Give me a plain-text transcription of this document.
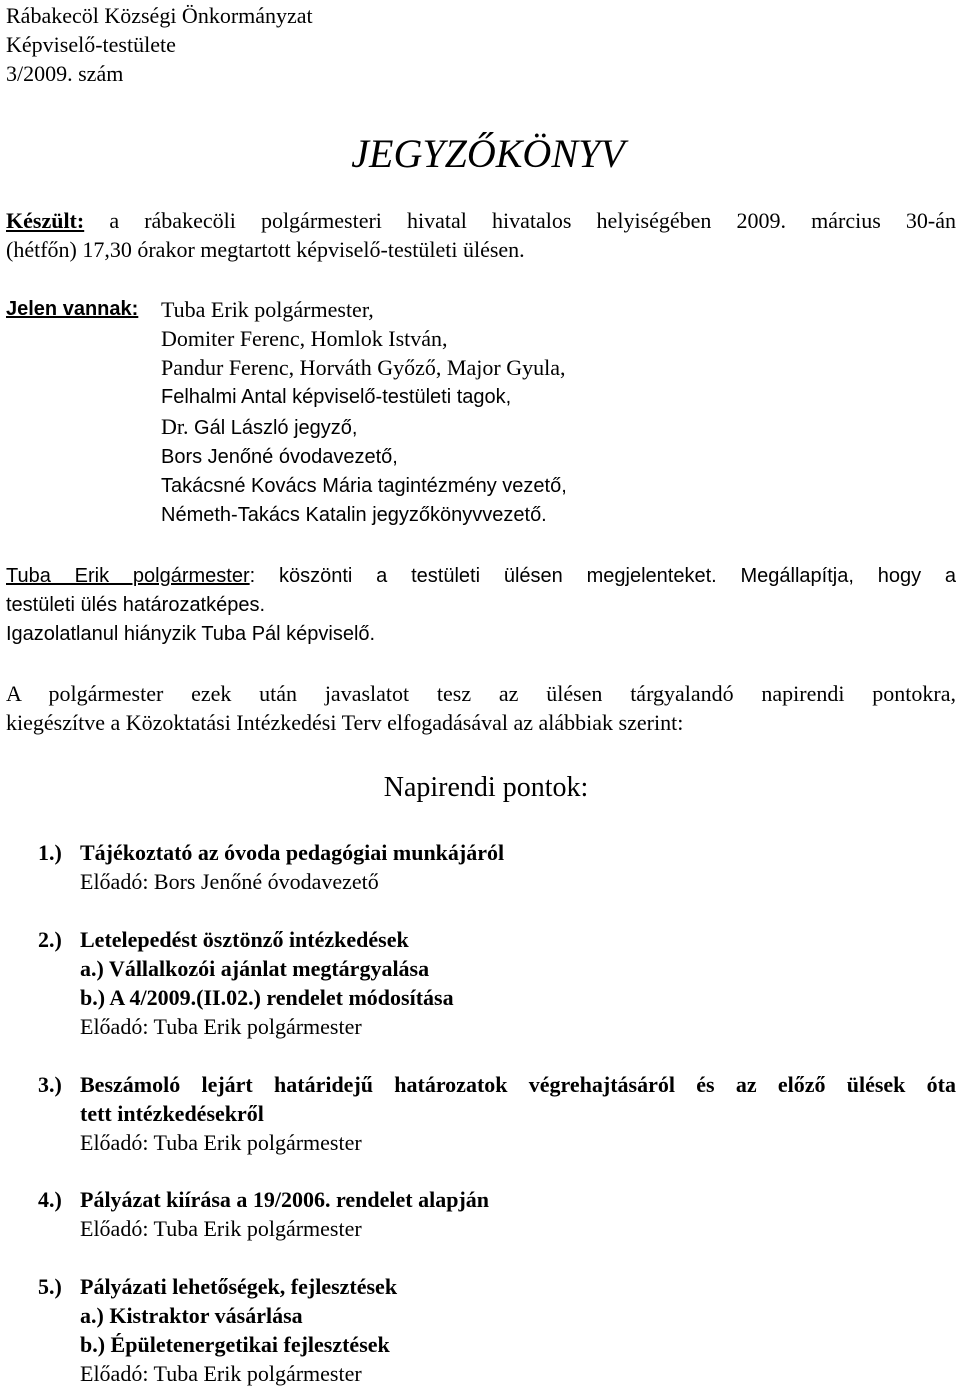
Rábakecöl Községi Önkormányzat
Képviselő-testülete
3/2009. szám
JEGYZŐKÖNYV
Készült: a rábakecöli polgármesteri hivatal hivatalos helyiségében 2009. március 30-án
(hétfőn) 17,30 órakor megtartott képviselő-testületi ülésen.
Jelen vannak:	Tuba Erik polgármester,
Domiter Ferenc, Homlok István,
Pandur Ferenc, Horváth Győző, Major Gyula,
Felhalmi Antal képviselő-testületi tagok,
Dr. Gál László jegyző,
Bors Jenőné óvodavezető,
Takácsné Kovács Mária tagintézmény vezető,
Németh-Takács Katalin jegyzőkönyvvezető.
Tuba Erik polgármester: köszönti a testületi ülésen megjelenteket. Megállapítja, hogy a
testületi ülés határozatképes.
Igazolatlanul hiányzik Tuba Pál képviselő.
A polgármester ezek után javaslatot tesz az ülésen tárgyalandó napirendi pontokra,
kiegészítve a Közoktatási Intézkedési Terv elfogadásával az alábbiak szerint:
Napirendi pontok:
1.) Tájékoztató az óvoda pedagógiai munkájáról
Előadó: Bors Jenőné óvodavezető
2.) Letelepedést ösztönző intézkedések
a.) Vállalkozói ajánlat megtárgyalása
b.) A 4/2009.(II.02.) rendelet módosítása
Előadó: Tuba Erik polgármester
3.) Beszámoló lejárt határidejű határozatok végrehajtásáról és az előző ülések óta
tett intézkedésekről
Előadó: Tuba Erik polgármester
4.) Pályázat kiírása a 19/2006. rendelet alapján
Előadó: Tuba Erik polgármester
5.) Pályázati lehetőségek, fejlesztések
a.) Kistraktor vásárlása
b.) Épületenergetikai fejlesztések
Előadó: Tuba Erik polgármester
